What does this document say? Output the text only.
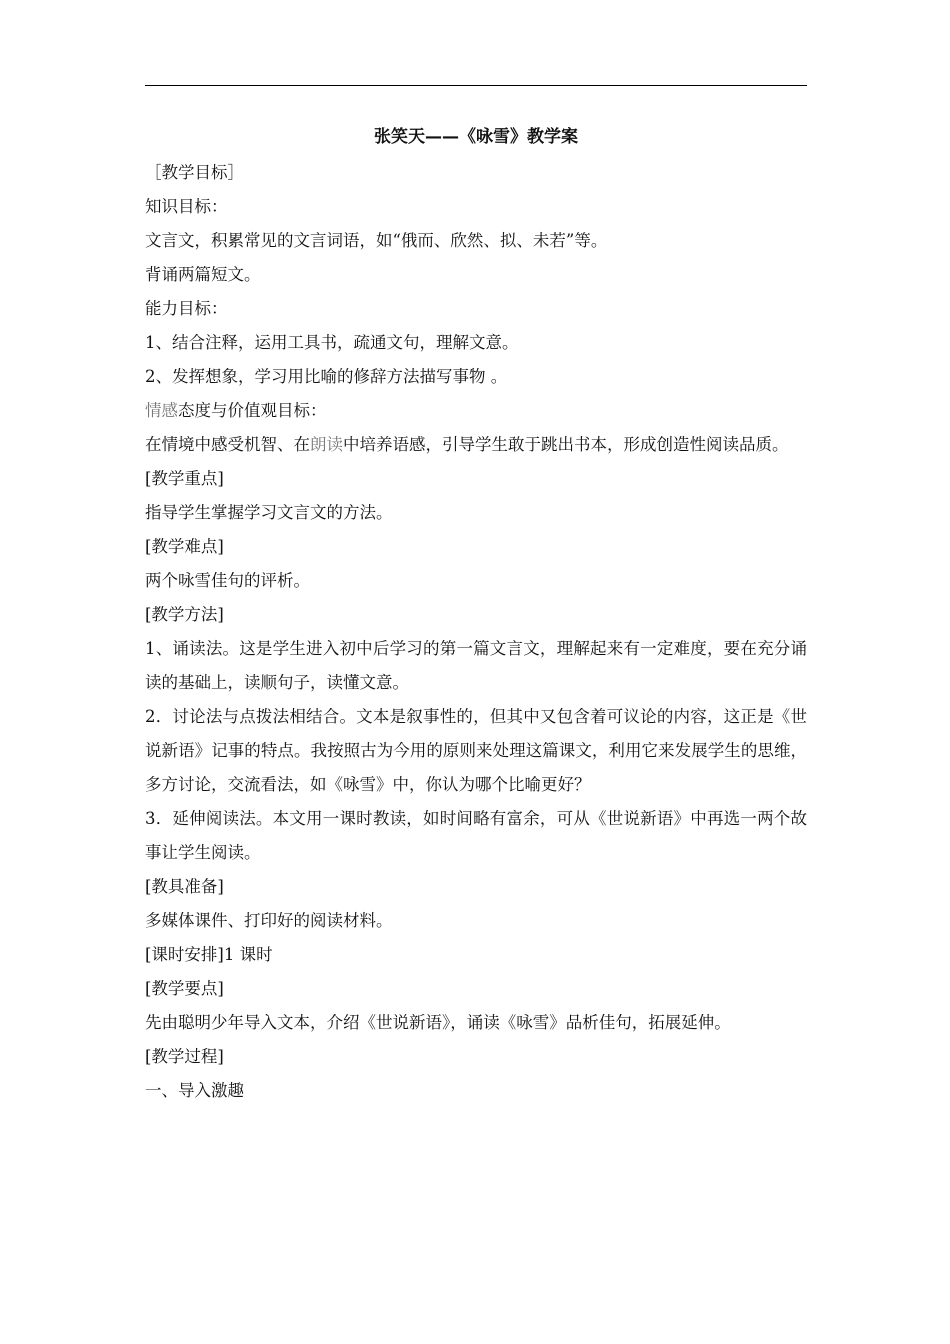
张笑天——《咏雪》教学案
［教学目标］
知识目标：
文言文，积累常见的文言词语，如“俄而、欣然、拟、未若”等。
背诵两篇短文。
能力目标：
1、结合注释，运用工具书，疏通文句，理解文意。
2、发挥想象，学习用比喻的修辞方法描写事物 。
情感态度与价值观目标：
在情境中感受机智、在朗读中培养语感，引导学生敢于跳出书本，形成创造性阅读品质。
[教学重点]
指导学生掌握学习文言文的方法。
[教学难点]
两个咏雪佳句的评析。
[教学方法]
1、诵读法。这是学生进入初中后学习的第一篇文言文，理解起来有一定难度，要在充分诵读的基础上，读顺句子，读懂文意。
2．讨论法与点拨法相结合。文本是叙事性的，但其中又包含着可议论的内容，这正是《世说新语》记事的特点。我按照古为今用的原则来处理这篇课文，利用它来发展学生的思维，多方讨论，交流看法，如《咏雪》中，你认为哪个比喻更好？
3．延伸阅读法。本文用一课时教读，如时间略有富余，可从《世说新语》中再选一两个故事让学生阅读。
[教具准备]
多媒体课件、打印好的阅读材料。
[课时安排]1 课时
[教学要点]
先由聪明少年导入文本，介绍《世说新语》，诵读《咏雪》品析佳句，拓展延伸。
[教学过程]
一、导入激趣
